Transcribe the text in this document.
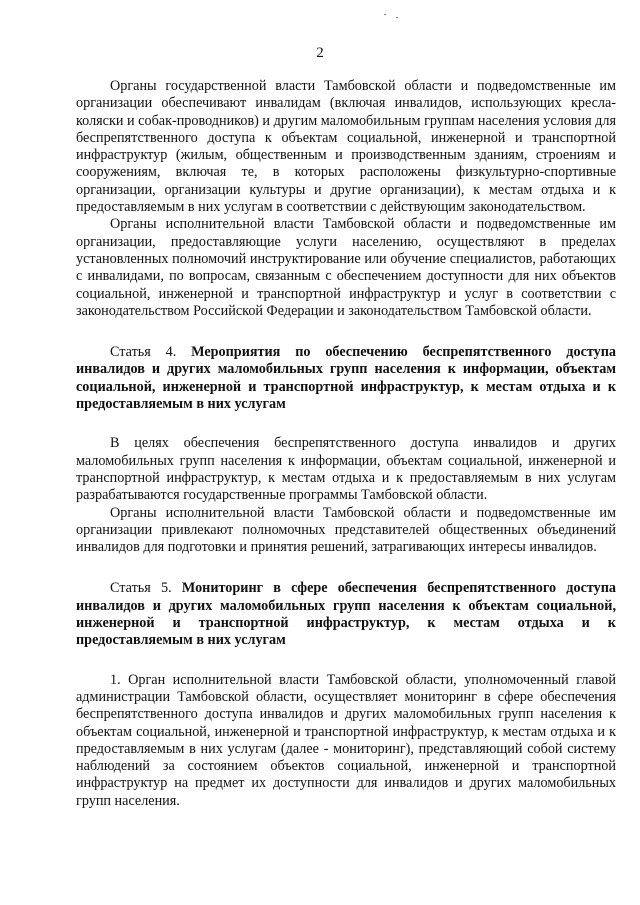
2

Органы государственной власти Тамбовской области и подведомственные им организации обеспечивают инвалидам (включая инвалидов, использующих кресла-коляски и собак-проводников) и другим маломобильным группам населения условия для беспрепятственного доступа к объектам социальной, инженерной и транспортной инфраструктур (жилым, общественным и производственным зданиям, строениям и сооружениям, включая те, в которых расположены физкультурно-спортивные организации, организации культуры и другие организации), к местам отдыха и к предоставляемым в них услугам в соответствии с действующим законодательством.

Органы исполнительной власти Тамбовской области и подведомственные им организации, предоставляющие услуги населению, осуществляют в пределах установленных полномочий инструктирование или обучение специалистов, работающих с инвалидами, по вопросам, связанным с обеспечением доступности для них объектов социальной, инженерной и транспортной инфраструктур и услуг в соответствии с законодательством Российской Федерации и законодательством Тамбовской области.

Статья 4. Мероприятия по обеспечению беспрепятственного доступа инвалидов и других маломобильных групп населения к информации, объектам социальной, инженерной и транспортной инфраструктур, к местам отдыха и к предоставляемым в них услугам

В целях обеспечения беспрепятственного доступа инвалидов и других маломобильных групп населения к информации, объектам социальной, инженерной и транспортной инфраструктур, к местам отдыха и к предоставляемым в них услугам разрабатываются государственные программы Тамбовской области.

Органы исполнительной власти Тамбовской области и подведомственные им организации привлекают полномочных представителей общественных объединений инвалидов для подготовки и принятия решений, затрагивающих интересы инвалидов.

Статья 5. Мониторинг в сфере обеспечения беспрепятственного доступа инвалидов и других маломобильных групп населения к объектам социальной, инженерной и транспортной инфраструктур, к местам отдыха и к предоставляемым в них услугам

1. Орган исполнительной власти Тамбовской области, уполномоченный главой администрации Тамбовской области, осуществляет мониторинг в сфере обеспечения беспрепятственного доступа инвалидов и других маломобильных групп населения к объектам социальной, инженерной и транспортной инфраструктур, к местам отдыха и к предоставляемым в них услугам (далее - мониторинг), представляющий собой систему наблюдений за состоянием объектов социальной, инженерной и транспортной инфраструктур на предмет их доступности для инвалидов и других маломобильных групп населения.
